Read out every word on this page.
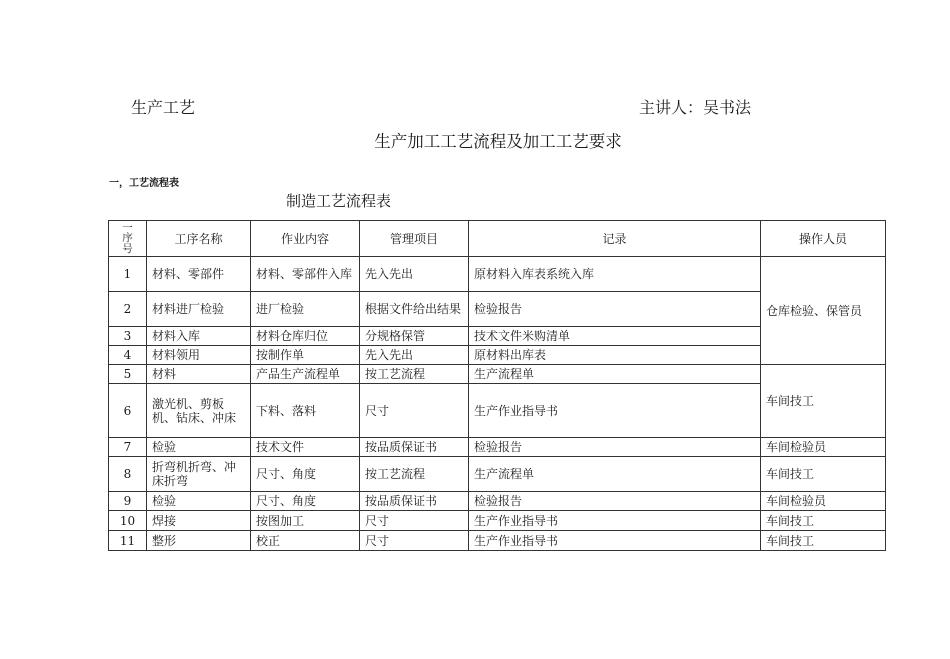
生产工艺	主讲人：吴书法
生产加工工艺流程及加工工艺要求
一，工艺流程表
制造工艺流程表
一
序
号	工序名称	作业内容	管理项目	记录	操作人员
1	材料、零部件	材料、零部件入库	先入先出	原材料入库表系统入库	仓库检验、保管员
2	材料进厂检验	进厂检验	根据文件给出结果	检验报告	
3	材料入库	材料仓库归位	分规格保管	技术文件米购清单	
4	材料领用	按制作单	先入先出	原材料出库表	
5	材料	产品生产流程单	按工艺流程	生产流程单	车间技工
6	激光机、剪板机、钻床、冲床	下料、落料	尺寸	生产作业指导书	
7	检验	技术文件	按品质保证书	检验报告	车间检验员
8	折弯机折弯、冲床折弯	尺寸、角度	按工艺流程	生产流程单	车间技工
9	检验	尺寸、角度	按品质保证书	检验报告	车间检验员
10	焊接	按图加工	尺寸	生产作业指导书	车间技工
11	整形	校正	尺寸	生产作业指导书	车间技工
